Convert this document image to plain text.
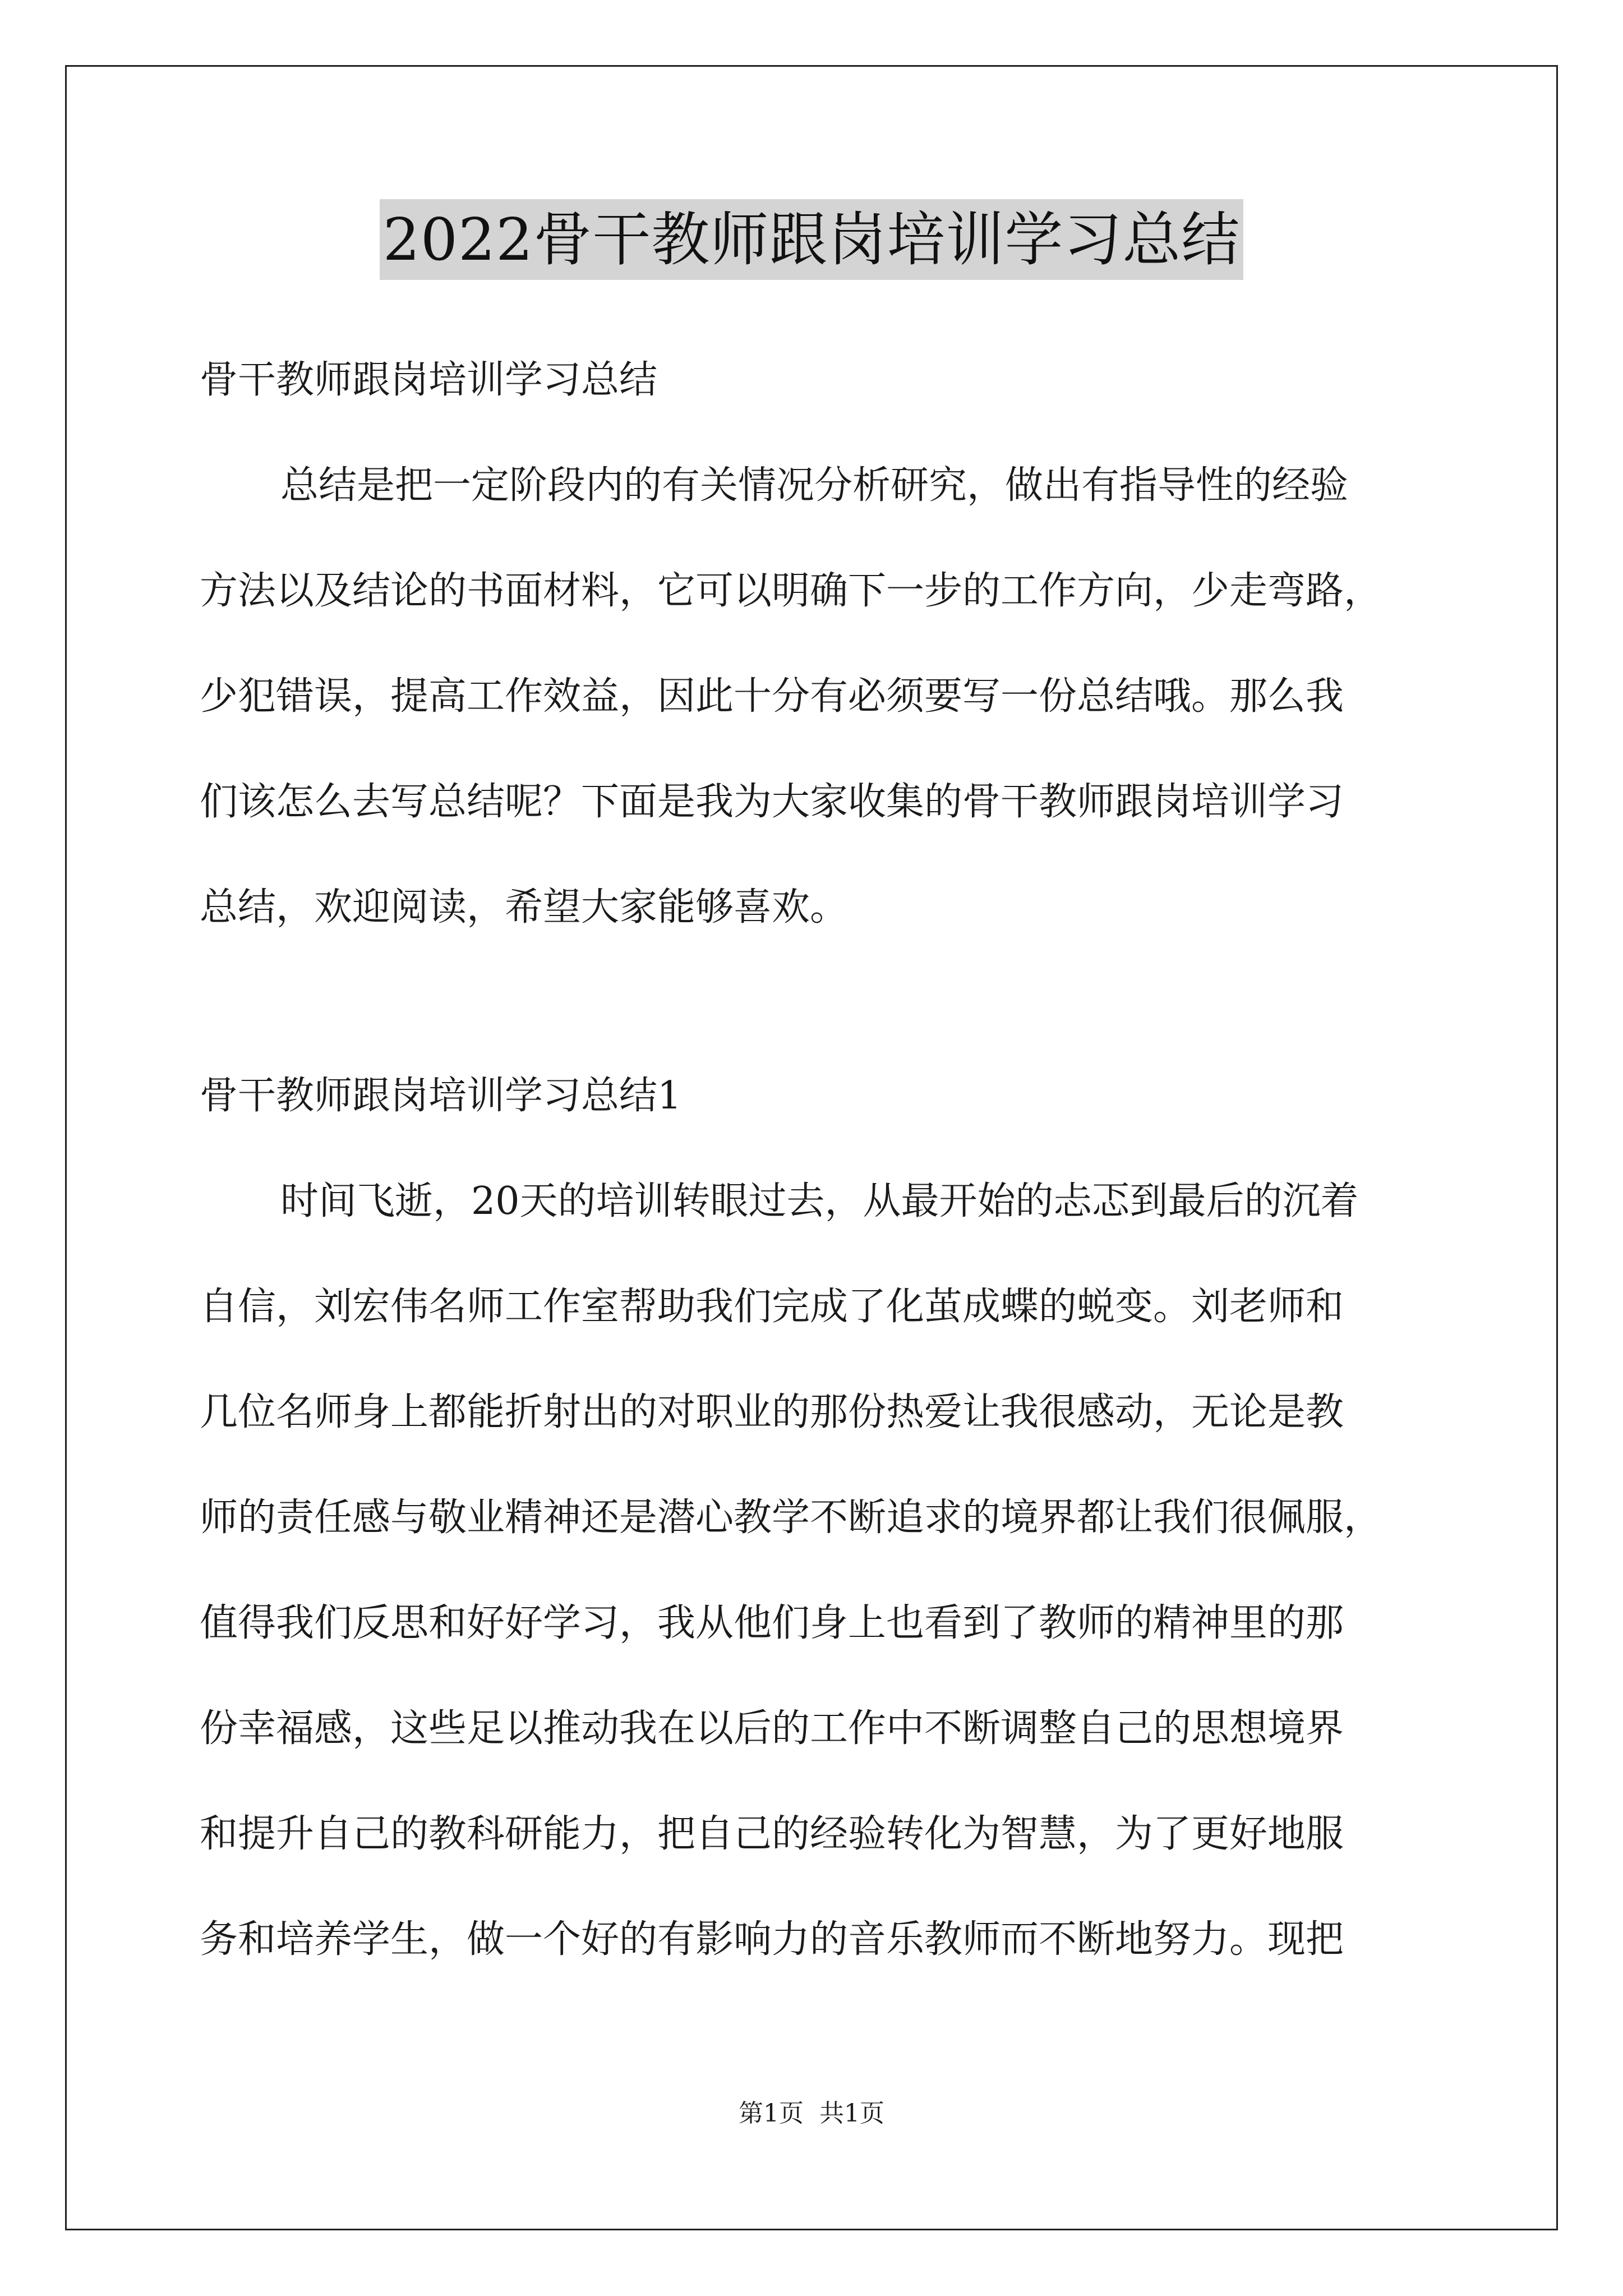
2022骨干教师跟岗培训学习总结
骨干教师跟岗培训学习总结
总结是把一定阶段内的有关情况分析研究，做出有指导性的经验
方法以及结论的书面材料，它可以明确下一步的工作方向，少走弯路，
少犯错误，提高工作效益，因此十分有必须要写一份总结哦。那么我
们该怎么去写总结呢？下面是我为大家收集的骨干教师跟岗培训学习
总结，欢迎阅读，希望大家能够喜欢。
骨干教师跟岗培训学习总结1
时间飞逝，20天的培训转眼过去，从最开始的忐忑到最后的沉着
自信，刘宏伟名师工作室帮助我们完成了化茧成蝶的蜕变。刘老师和
几位名师身上都能折射出的对职业的那份热爱让我很感动，无论是教
师的责任感与敬业精神还是潜心教学不断追求的境界都让我们很佩服，
值得我们反思和好好学习，我从他们身上也看到了教师的精神里的那
份幸福感，这些足以推动我在以后的工作中不断调整自己的思想境界
和提升自己的教科研能力，把自己的经验转化为智慧，为了更好地服
务和培养学生，做一个好的有影响力的音乐教师而不断地努力。现把
第1页 共1页
